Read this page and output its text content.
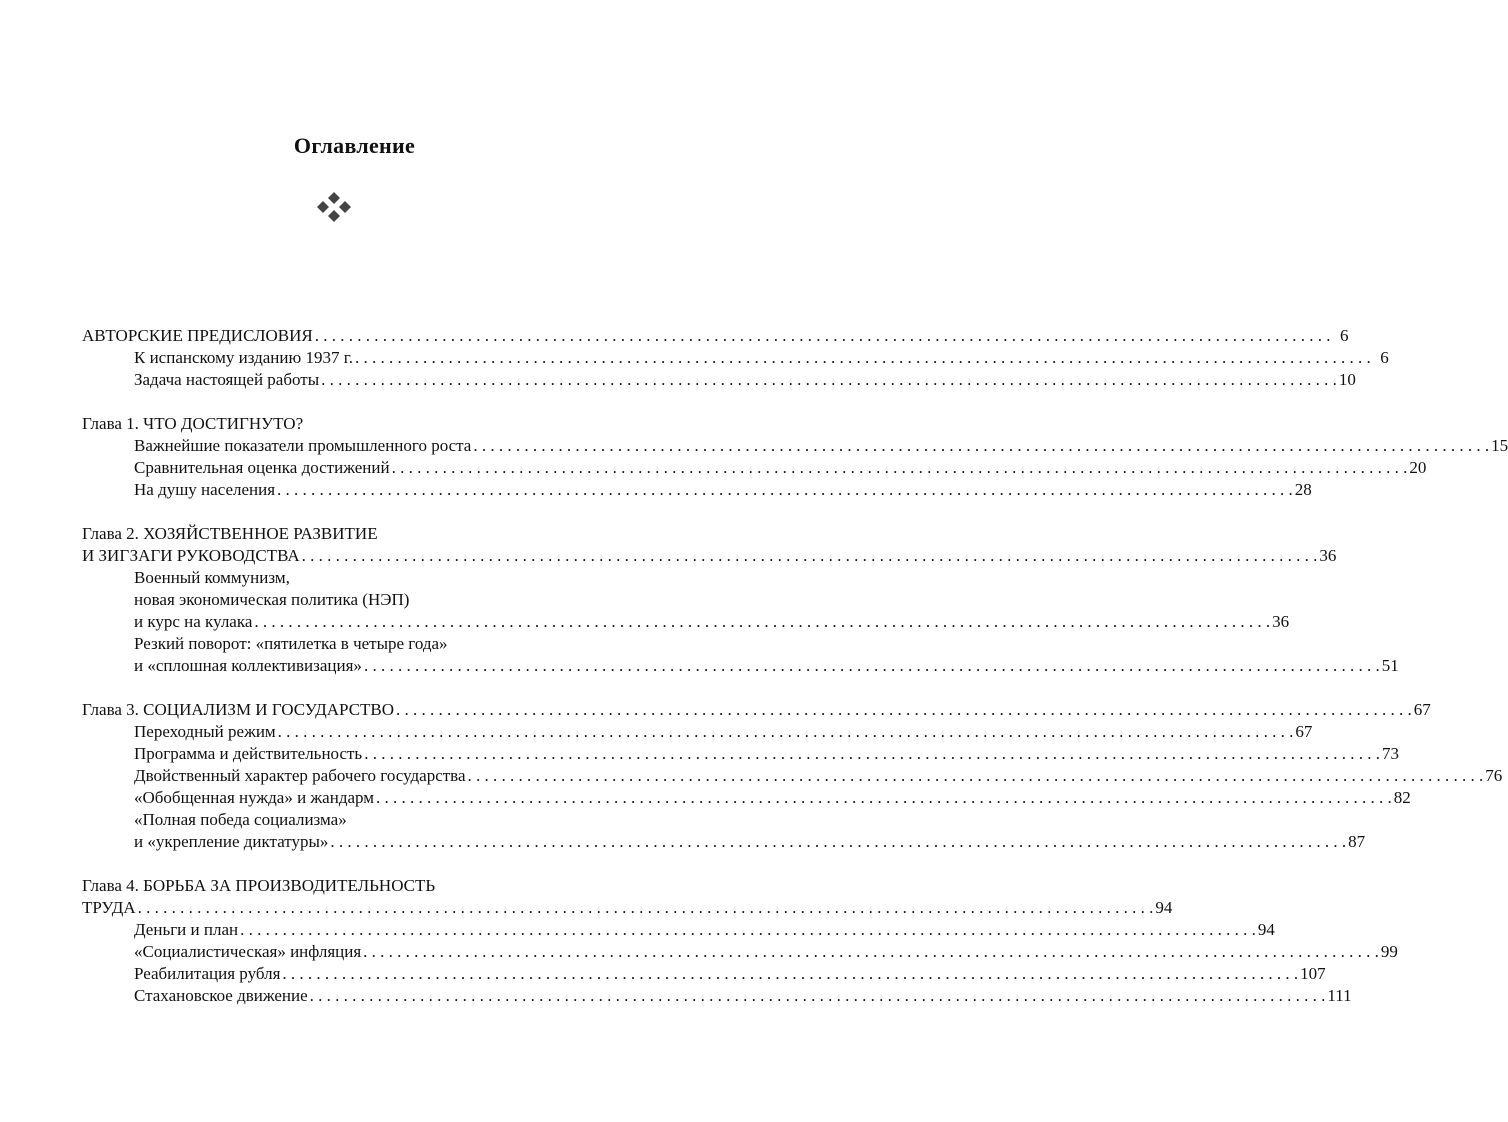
Оглавление
АВТОРСКИЕ ПРЕДИСЛОВИЯ . . . . . . . . . . . . . . . . . . . . . . . . . . . . . . . . . . . . . . . . . . . . . . . . . . . . . . . . . . . . . . . . . . . . . . . . . . . . . . . . . . . . . . . . . . . . . . . . . . . . . . . . . . . . . . . . . . . . . . . . 6
К испанскому изданию 1937 г. . . . . . . . . . . . . . . . . . . . . . . . . . . . . . . . . . . . . . . . . . . . . . . . . . . . . . . . . . . . . . . . . . . . . . . . . . . . . . . . . . . . . . . . . . . . . . . . . . . . . . . . . . . . . . . . . . . . . . . . . 6
Задача настоящей работы . . . . . . . . . . . . . . . . . . . . . . . . . . . . . . . . . . . . . . . . . . . . . . . . . . . . . . . . . . . . . . . . . . . . . . . . . . . . . . . . . . . . . . . . . . . . . . . . . . . . . . . . . . . . . . . . . . . . . . . . 10
Глава 1. ЧТО ДОСТИГНУТО?
Важнейшие показатели промышленного роста . . . . . . . . . . . . . . . . . . . . . . . . . . . . . . . . . . . . . . . . . . . . . . . . . . . . . . . . . . . . . . . . . . . . . . . . . . . . . . . . . . . . . . . . . . . . . . . . . . . . . . . . . . . . . . . . . . . . . . . . 15
Сравнительная оценка достижений . . . . . . . . . . . . . . . . . . . . . . . . . . . . . . . . . . . . . . . . . . . . . . . . . . . . . . . . . . . . . . . . . . . . . . . . . . . . . . . . . . . . . . . . . . . . . . . . . . . . . . . . . . . . . . . . . . . . . . . . 20
На душу населения . . . . . . . . . . . . . . . . . . . . . . . . . . . . . . . . . . . . . . . . . . . . . . . . . . . . . . . . . . . . . . . . . . . . . . . . . . . . . . . . . . . . . . . . . . . . . . . . . . . . . . . . . . . . . . . . . . . . . . . . 28
Глава 2. ХОЗЯЙСТВЕННОЕ РАЗВИТИЕ
И ЗИГЗАГИ РУКОВОДСТВА . . . . . . . . . . . . . . . . . . . . . . . . . . . . . . . . . . . . . . . . . . . . . . . . . . . . . . . . . . . . . . . . . . . . . . . . . . . . . . . . . . . . . . . . . . . . . . . . . . . . . . . . . . . . . . . . . . . . . . . . 36
Военный коммунизм,
новая экономическая политика (НЭП)
и курс на кулака . . . . . . . . . . . . . . . . . . . . . . . . . . . . . . . . . . . . . . . . . . . . . . . . . . . . . . . . . . . . . . . . . . . . . . . . . . . . . . . . . . . . . . . . . . . . . . . . . . . . . . . . . . . . . . . . . . . . . . . . 36
Резкий поворот: «пятилетка в четыре года»
и «сплошная коллективизация» . . . . . . . . . . . . . . . . . . . . . . . . . . . . . . . . . . . . . . . . . . . . . . . . . . . . . . . . . . . . . . . . . . . . . . . . . . . . . . . . . . . . . . . . . . . . . . . . . . . . . . . . . . . . . . . . . . . . . . . . 51
Глава 3. СОЦИАЛИЗМ И ГОСУДАРСТВО . . . . . . . . . . . . . . . . . . . . . . . . . . . . . . . . . . . . . . . . . . . . . . . . . . . . . . . . . . . . . . . . . . . . . . . . . . . . . . . . . . . . . . . . . . . . . . . . . . . . . . . . . . . . . . . . . . . . . . . . 67
Переходный режим . . . . . . . . . . . . . . . . . . . . . . . . . . . . . . . . . . . . . . . . . . . . . . . . . . . . . . . . . . . . . . . . . . . . . . . . . . . . . . . . . . . . . . . . . . . . . . . . . . . . . . . . . . . . . . . . . . . . . . . . 67
Программа и действительность . . . . . . . . . . . . . . . . . . . . . . . . . . . . . . . . . . . . . . . . . . . . . . . . . . . . . . . . . . . . . . . . . . . . . . . . . . . . . . . . . . . . . . . . . . . . . . . . . . . . . . . . . . . . . . . . . . . . . . . . 73
Двойственный характер рабочего государства . . . . . . . . . . . . . . . . . . . . . . . . . . . . . . . . . . . . . . . . . . . . . . . . . . . . . . . . . . . . . . . . . . . . . . . . . . . . . . . . . . . . . . . . . . . . . . . . . . . . . . . . . . . . . . . . . . . . . . . . 76
«Обобщенная нужда» и жандарм . . . . . . . . . . . . . . . . . . . . . . . . . . . . . . . . . . . . . . . . . . . . . . . . . . . . . . . . . . . . . . . . . . . . . . . . . . . . . . . . . . . . . . . . . . . . . . . . . . . . . . . . . . . . . . . . . . . . . . . . 82
«Полная победа социализма»
и «укрепление диктатуры» . . . . . . . . . . . . . . . . . . . . . . . . . . . . . . . . . . . . . . . . . . . . . . . . . . . . . . . . . . . . . . . . . . . . . . . . . . . . . . . . . . . . . . . . . . . . . . . . . . . . . . . . . . . . . . . . . . . . . . . . 87
Глава 4. БОРЬБА ЗА ПРОИЗВОДИТЕЛЬНОСТЬ
ТРУДА . . . . . . . . . . . . . . . . . . . . . . . . . . . . . . . . . . . . . . . . . . . . . . . . . . . . . . . . . . . . . . . . . . . . . . . . . . . . . . . . . . . . . . . . . . . . . . . . . . . . . . . . . . . . . . . . . . . . . . . . 94
Деньги и план . . . . . . . . . . . . . . . . . . . . . . . . . . . . . . . . . . . . . . . . . . . . . . . . . . . . . . . . . . . . . . . . . . . . . . . . . . . . . . . . . . . . . . . . . . . . . . . . . . . . . . . . . . . . . . . . . . . . . . . . 94
«Социалистическая» инфляция . . . . . . . . . . . . . . . . . . . . . . . . . . . . . . . . . . . . . . . . . . . . . . . . . . . . . . . . . . . . . . . . . . . . . . . . . . . . . . . . . . . . . . . . . . . . . . . . . . . . . . . . . . . . . . . . . . . . . . . . 99
Реабилитация рубля . . . . . . . . . . . . . . . . . . . . . . . . . . . . . . . . . . . . . . . . . . . . . . . . . . . . . . . . . . . . . . . . . . . . . . . . . . . . . . . . . . . . . . . . . . . . . . . . . . . . . . . . . . . . . . . . . . . . . . . . 107
Стахановское движение . . . . . . . . . . . . . . . . . . . . . . . . . . . . . . . . . . . . . . . . . . . . . . . . . . . . . . . . . . . . . . . . . . . . . . . . . . . . . . . . . . . . . . . . . . . . . . . . . . . . . . . . . . . . . . . . . . . . . . . . 111
